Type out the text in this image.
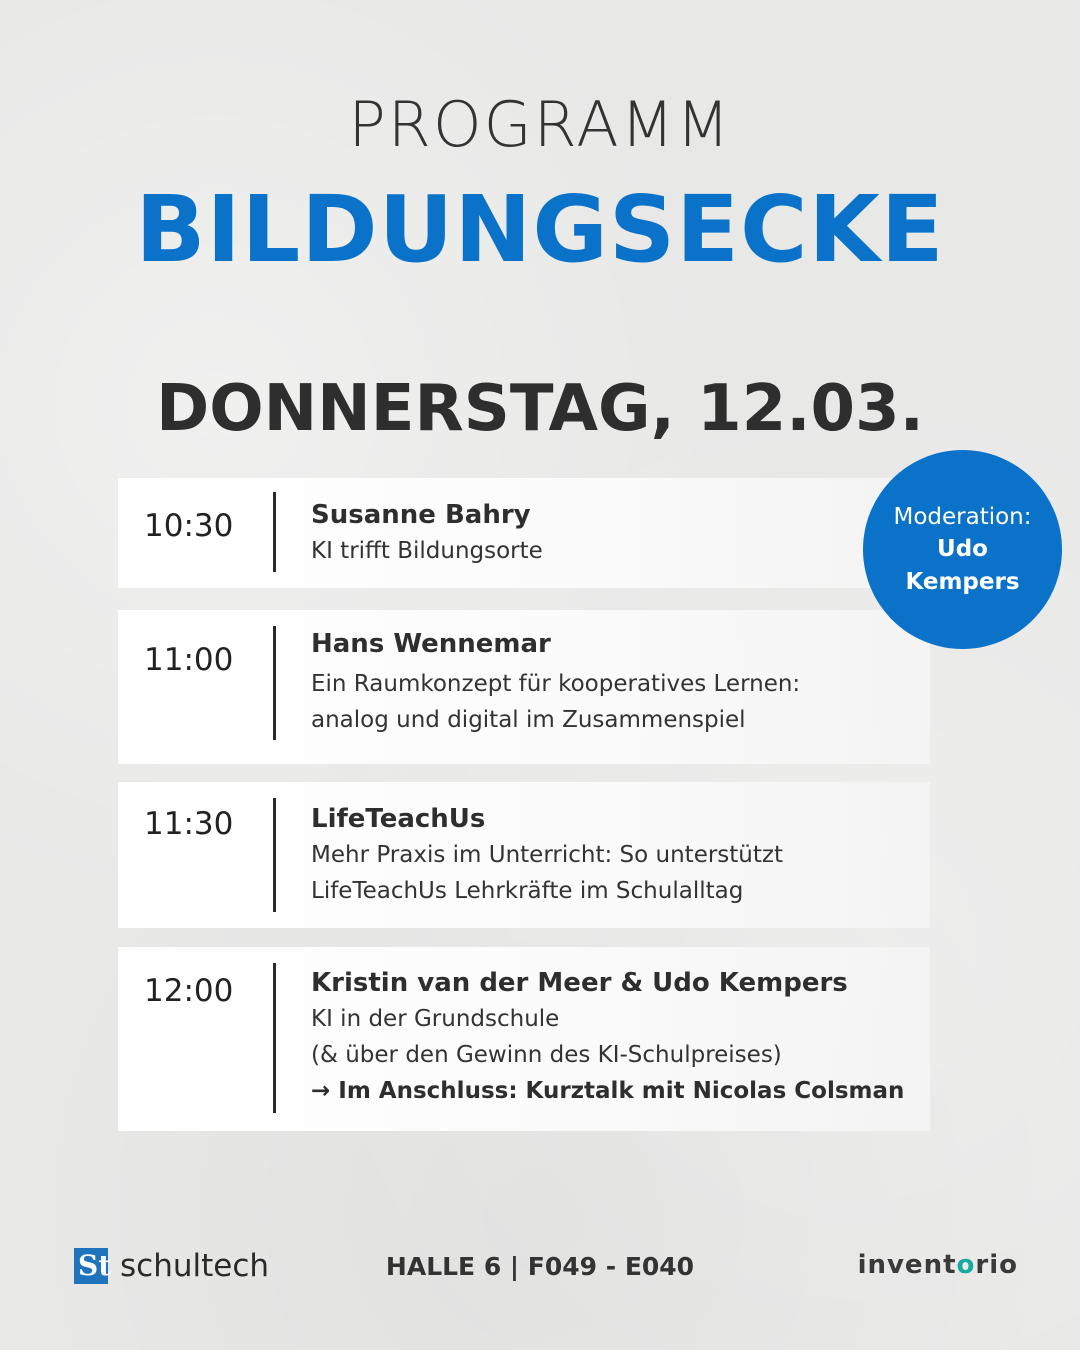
PROGRAMM
BILDUNGSECKE
DONNERSTAG, 12.03.
10:30	Susanne Bahry
KI trifft Bildungsorte
11:00	Hans Wennemar
Ein Raumkonzept für kooperatives Lernen:
analog und digital im Zusammenspiel
11:30	LifeTeachUs
Mehr Praxis im Unterricht: So unterstützt
LifeTeachUs Lehrkräfte im Schulalltag
12:00	Kristin van der Meer & Udo Kempers
KI in der Grundschule
(& über den Gewinn des KI-Schulpreises)
→ Im Anschluss: Kurztalk mit Nicolas Colsman
Moderation:
Udo
Kempers
St schultech	HALLE 6 | F049 - E040	inventorio
